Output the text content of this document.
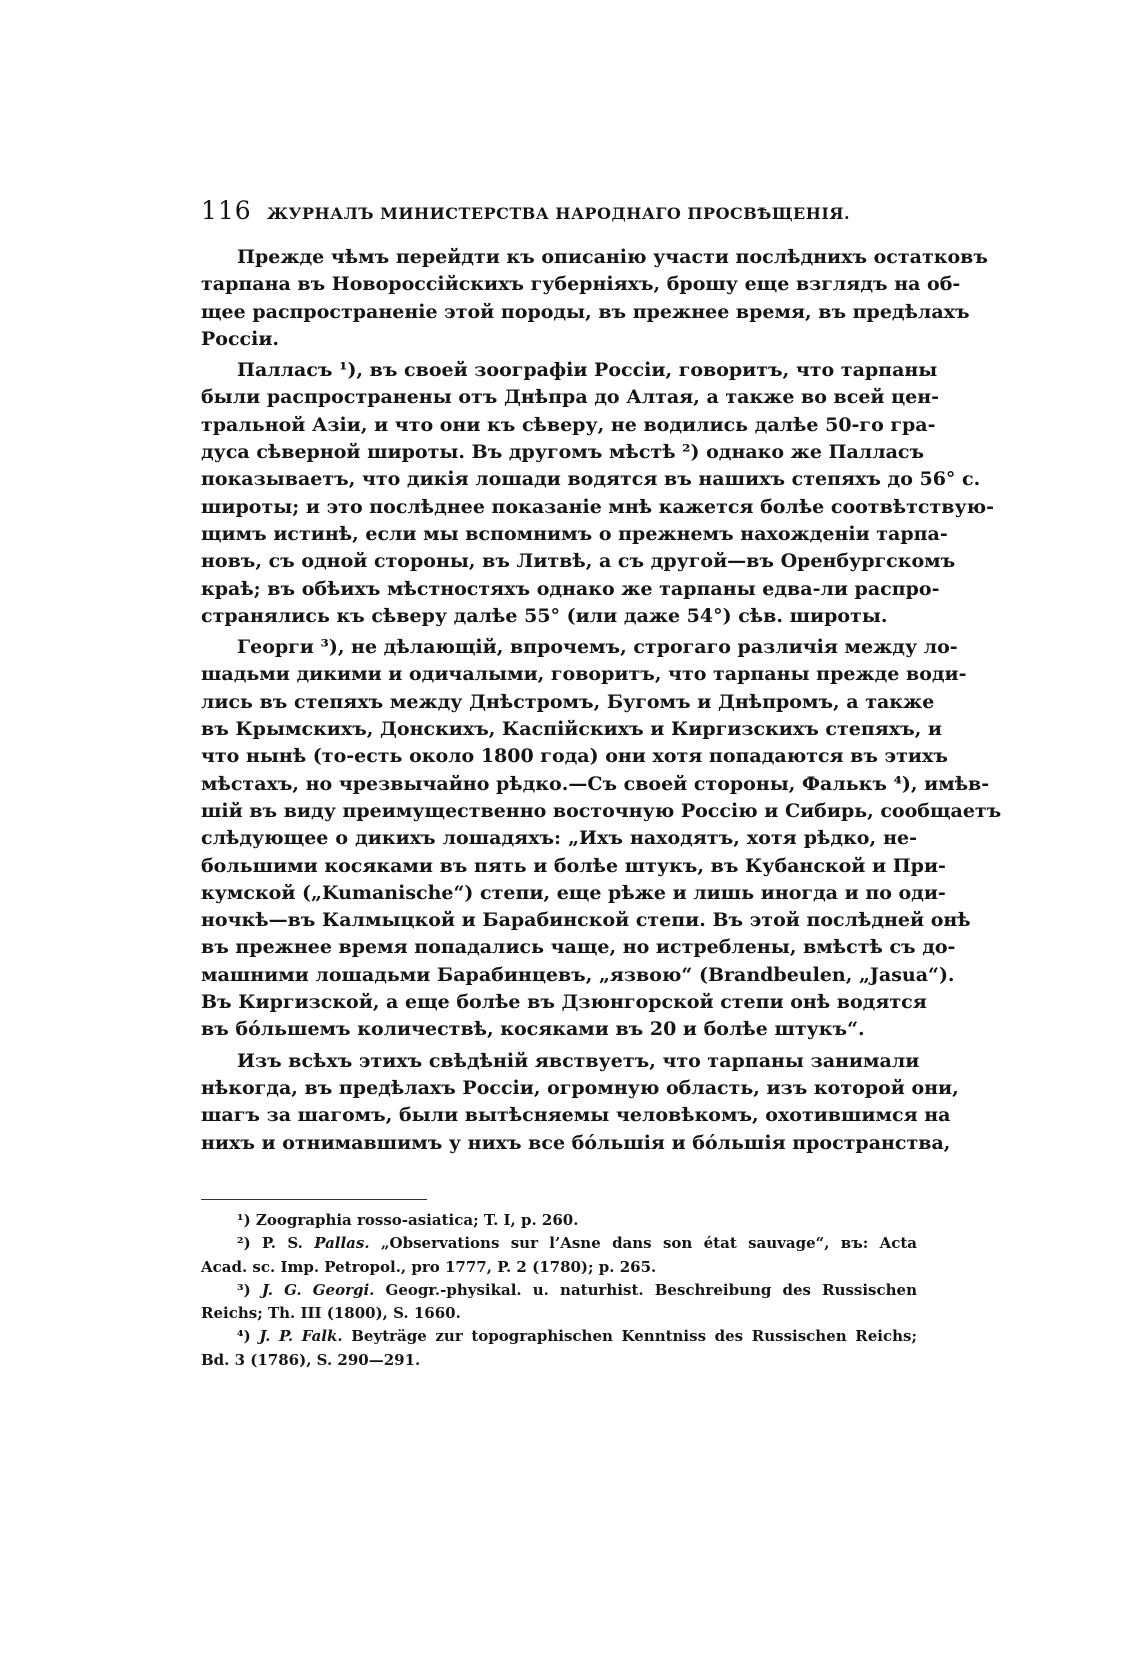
116 ЖУРНАЛЪ МИНИСТЕРСТВА НАРОДНАГО ПРОСВѢЩЕНІЯ.
Прежде чѣмъ перейдти къ описанію участи послѣднихъ остатковъ
тарпана въ Новороссійскихъ губерніяхъ, брошу еще взглядъ на об-
щее распространеніе этой породы, въ прежнее время, въ предѣлахъ
Россіи.
Палласъ ¹), въ своей зоографіи Россіи, говоритъ, что тарпаны
были распространены отъ Днѣпра до Алтая, а также во всей цен-
тральной Азіи, и что они къ сѣверу, не водились далѣе 50-го гра-
дуса сѣверной широты. Въ другомъ мѣстѣ ²) однако же Палласъ
показываетъ, что дикія лошади водятся въ нашихъ степяхъ до 56° с.
широты; и это послѣднее показаніе мнѣ кажется болѣе соотвѣтствую-
щимъ истинѣ, если мы вспомнимъ о прежнемъ нахожденіи тарпа-
новъ, съ одной стороны, въ Литвѣ, а съ другой—въ Оренбургскомъ
краѣ; въ обѣихъ мѣстностяхъ однако же тарпаны едва-ли распро-
странялись къ сѣверу далѣе 55° (или даже 54°) сѣв. широты.
Георги ³), не дѣлающій, впрочемъ, строгаго различія между ло-
шадьми дикими и одичалыми, говоритъ, что тарпаны прежде води-
лись въ степяхъ между Днѣстромъ, Бугомъ и Днѣпромъ, а также
въ Крымскихъ, Донскихъ, Каспійскихъ и Киргизскихъ степяхъ, и
что нынѣ (то-есть около 1800 года) они хотя попадаются въ этихъ
мѣстахъ, но чрезвычайно рѣдко.—Съ своей стороны, Фалькъ ⁴), имѣв-
шій въ виду преимущественно восточную Россію и Сибирь, сообщаетъ
слѣдующее о дикихъ лошадяхъ: „Ихъ находятъ, хотя рѣдко, не-
большими косяками въ пять и болѣе штукъ, въ Кубанской и При-
кумской („Kumanische“) степи, еще рѣже и лишь иногда и по оди-
ночкѣ—въ Калмыцкой и Барабинской степи. Въ этой послѣдней онѣ
въ прежнее время попадались чаще, но истреблены, вмѣстѣ съ до-
машними лошадьми Барабинцевъ, „язвою“ (Brandbeulen, „Jasua“).
Въ Киргизской, а еще болѣе въ Дзюнгорской степи онѣ водятся
въ бо́льшемъ количествѣ, косяками въ 20 и болѣе штукъ“.
Изъ всѣхъ этихъ свѣдѣній явствуетъ, что тарпаны занимали
нѣкогда, въ предѣлахъ Россіи, огромную область, изъ которой они,
шагъ за шагомъ, были вытѣсняемы человѣкомъ, охотившимся на
нихъ и отнимавшимъ у нихъ все бо́льшія и бо́льшія пространства,
¹) Zoographia rosso-asiatica; T. I, p. 260.
²) P. S. Pallas. „Observations sur l’Asne dans son état sauvage“, въ: Acta
Acad. sc. Imp. Petropol., pro 1777, P. 2 (1780); p. 265.
³) J. G. Georgi. Geogr.-physikal. u. naturhist. Beschreibung des Russischen
Reichs; Th. III (1800), S. 1660.
⁴) J. P. Falk. Beyträge zur topographischen Kenntniss des Russischen Reichs;
Bd. 3 (1786), S. 290—291.
